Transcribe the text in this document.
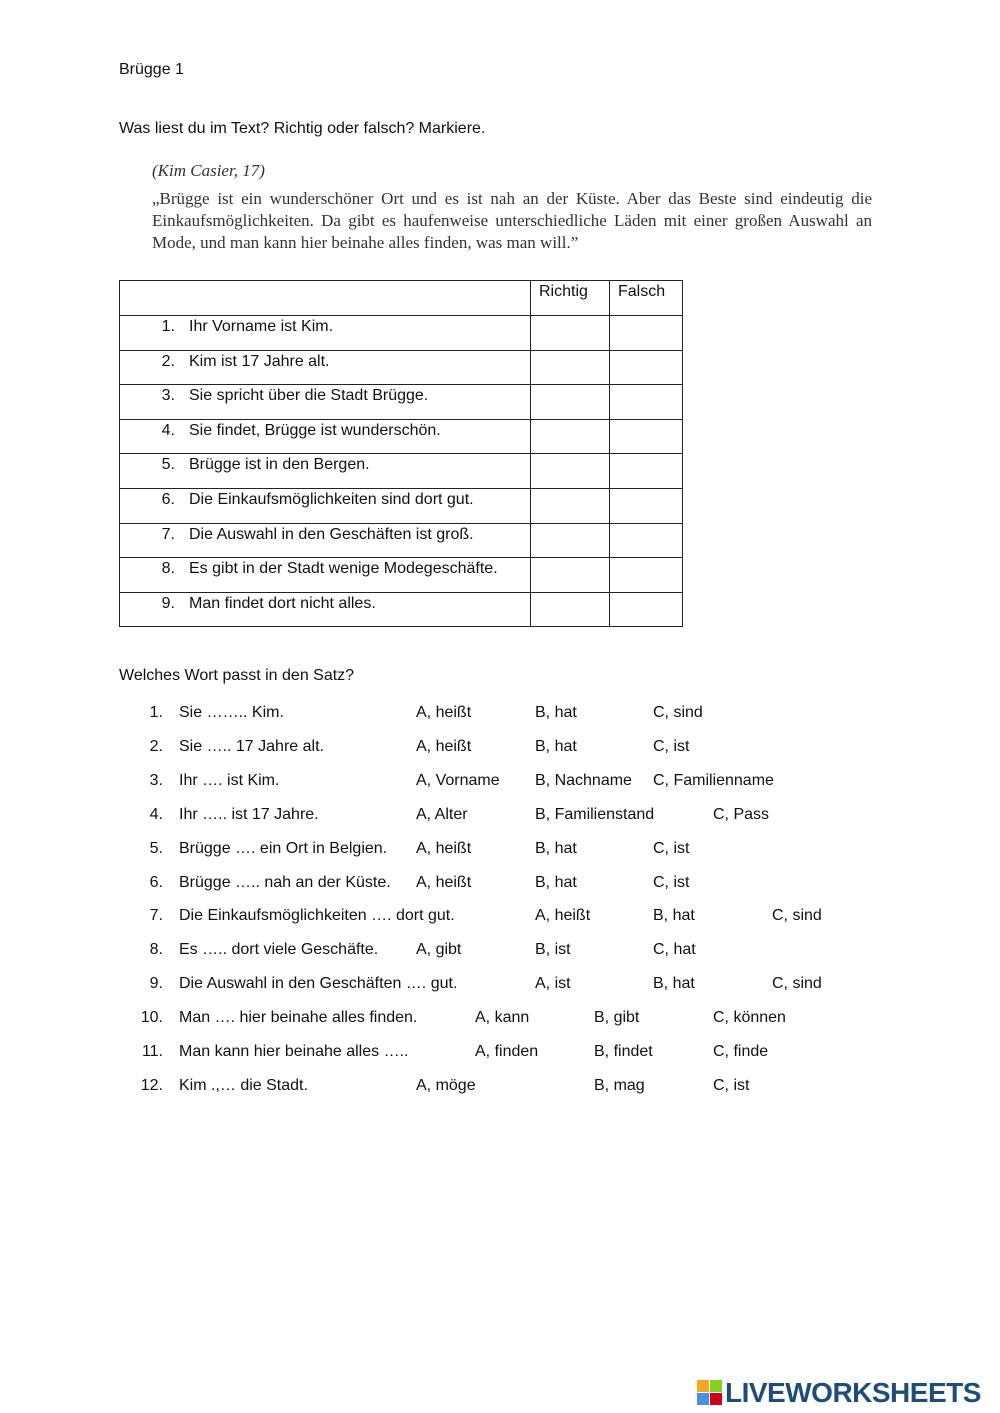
Brügge 1
Was liest du im Text? Richtig oder falsch? Markiere.
(Kim Casier, 17)
„Brügge ist ein wunderschöner Ort und es ist nah an der Küste. Aber das Beste sind eindeutig die Einkaufsmöglichkeiten. Da gibt es haufenweise unterschiedliche Läden mit einer großen Auswahl an Mode, und man kann hier beinahe alles finden, was man will.”
	Richtig	Falsch
1. Ihr Vorname ist Kim.		
2. Kim ist 17 Jahre alt.		
3. Sie spricht über die Stadt Brügge.		
4. Sie findet, Brügge ist wunderschön.		
5. Brügge ist in den Bergen.		
6. Die Einkaufsmöglichkeiten sind dort gut.		
7. Die Auswahl in den Geschäften ist groß.		
8. Es gibt in der Stadt wenige Modegeschäfte.		
9. Man findet dort nicht alles.		
Welches Wort passt in den Satz?
1. Sie …….. Kim.	A, heißt	B, hat	C, sind
2. Sie ….. 17 Jahre alt.	A, heißt	B, hat	C, ist
3. Ihr …. ist Kim.	A, Vorname B, Nachname C, Familienname
4. Ihr ….. ist 17 Jahre.	A, Alter	B, Familienstand	C, Pass
5. Brügge …. ein Ort in Belgien. A, heißt	B, hat	C, ist
6. Brügge ….. nah an der Küste. A, heißt	B, hat	C, ist
7. Die Einkaufsmöglichkeiten …. dort gut.	A, heißt	B, hat	C, sind
8. Es ….. dort viele Geschäfte. A, gibt	B, ist	C, hat
9. Die Auswahl in den Geschäften …. gut.	A, ist	B, hat	C, sind
10. Man …. hier beinahe alles finden.	A, kann	B, gibt	C, können
11. Man kann hier beinahe alles …..	A, finden	B, findet	C, finde
12. Kim .,… die Stadt.	A, möge	B, mag	C, ist
LIVEWORKSHEETS
